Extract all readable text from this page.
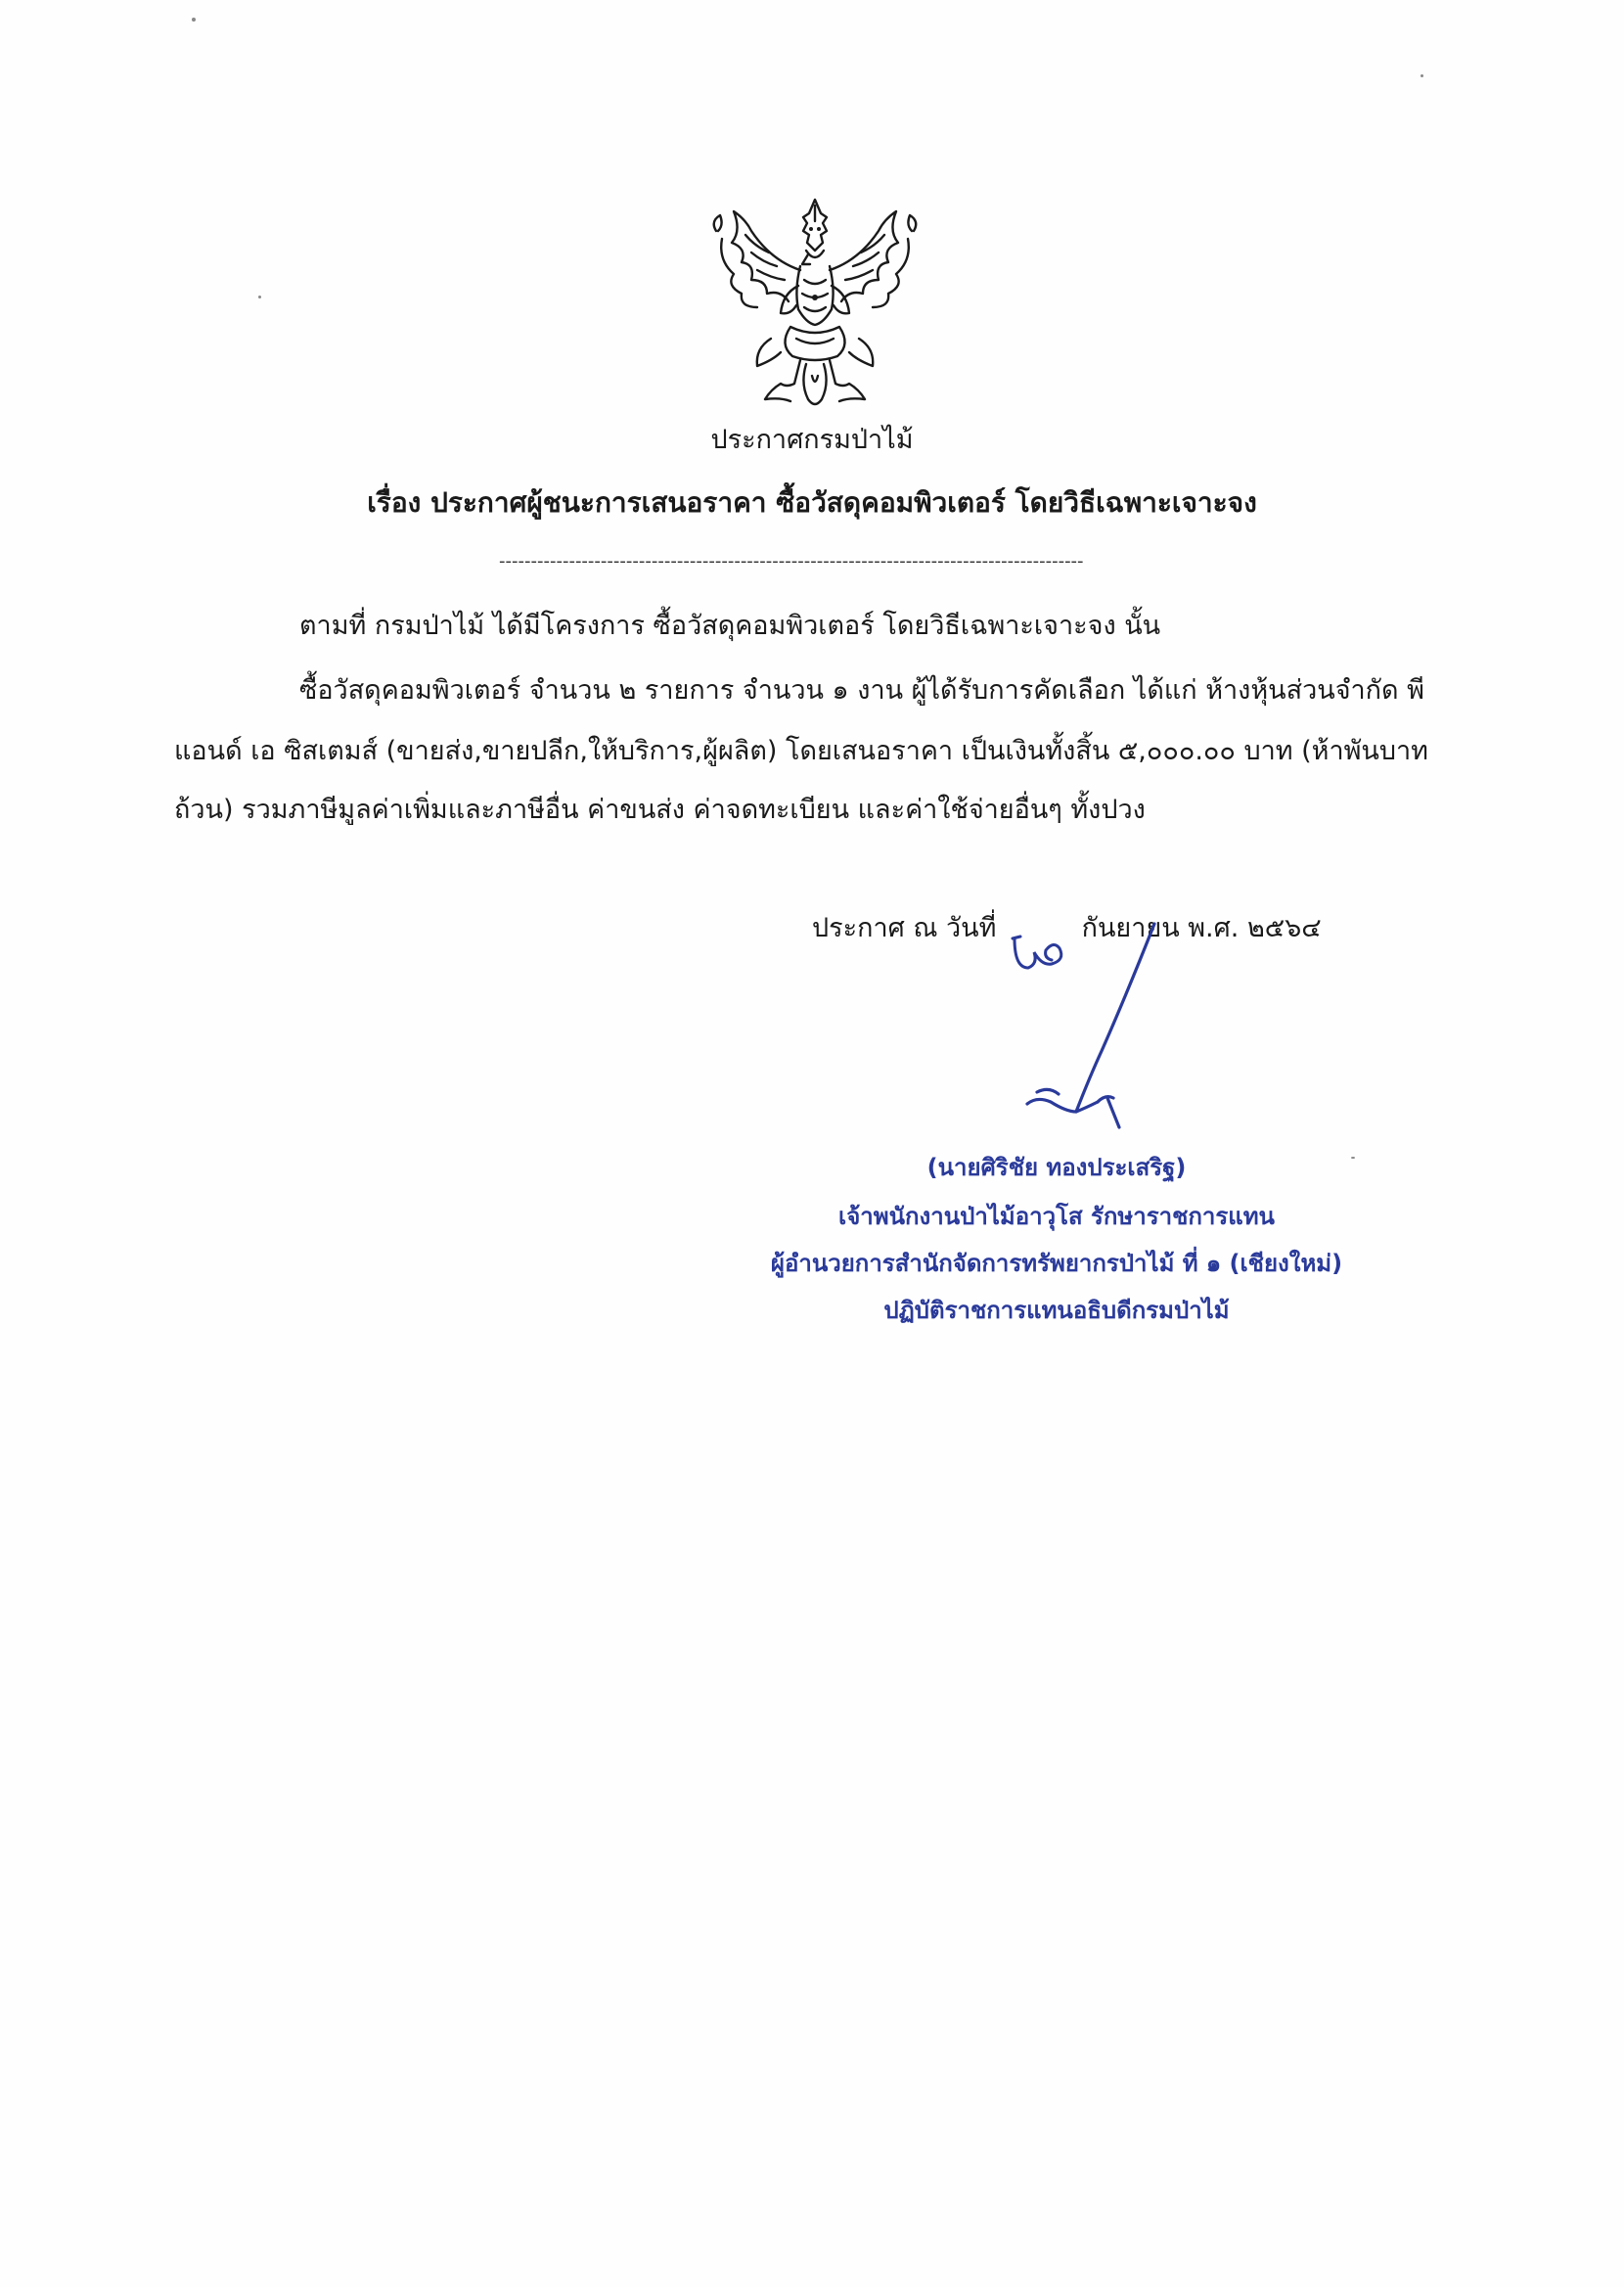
ประกาศกรมป่าไม้
เรื่อง ประกาศผู้ชนะการเสนอราคา ซื้อวัสดุคอมพิวเตอร์ โดยวิธีเฉพาะเจาะจง
--------------------------------------------------------------------------------------------
ตามที่ กรมป่าไม้ ได้มีโครงการ ซื้อวัสดุคอมพิวเตอร์ โดยวิธีเฉพาะเจาะจง นั้น
ซื้อวัสดุคอมพิวเตอร์ จำนวน ๒ รายการ จำนวน ๑ งาน ผู้ได้รับการคัดเลือก ได้แก่ ห้างหุ้นส่วนจำกัด พี
แอนด์ เอ ซิสเตมส์ (ขายส่ง,ขายปลีก,ให้บริการ,ผู้ผลิต) โดยเสนอราคา เป็นเงินทั้งสิ้น ๕,๐๐๐.๐๐ บาท (ห้าพันบาท
ถ้วน) รวมภาษีมูลค่าเพิ่มและภาษีอื่น ค่าขนส่ง ค่าจดทะเบียน และค่าใช้จ่ายอื่นๆ ทั้งปวง
ประกาศ ณ วันที่	กันยายน พ.ศ. ๒๕๖๔
(นายศิริชัย ทองประเสริฐ)
เจ้าพนักงานป่าไม้อาวุโส รักษาราชการแทน
ผู้อำนวยการสำนักจัดการทรัพยากรป่าไม้ ที่ ๑ (เชียงใหม่)
ปฏิบัติราชการแทนอธิบดีกรมป่าไม้
